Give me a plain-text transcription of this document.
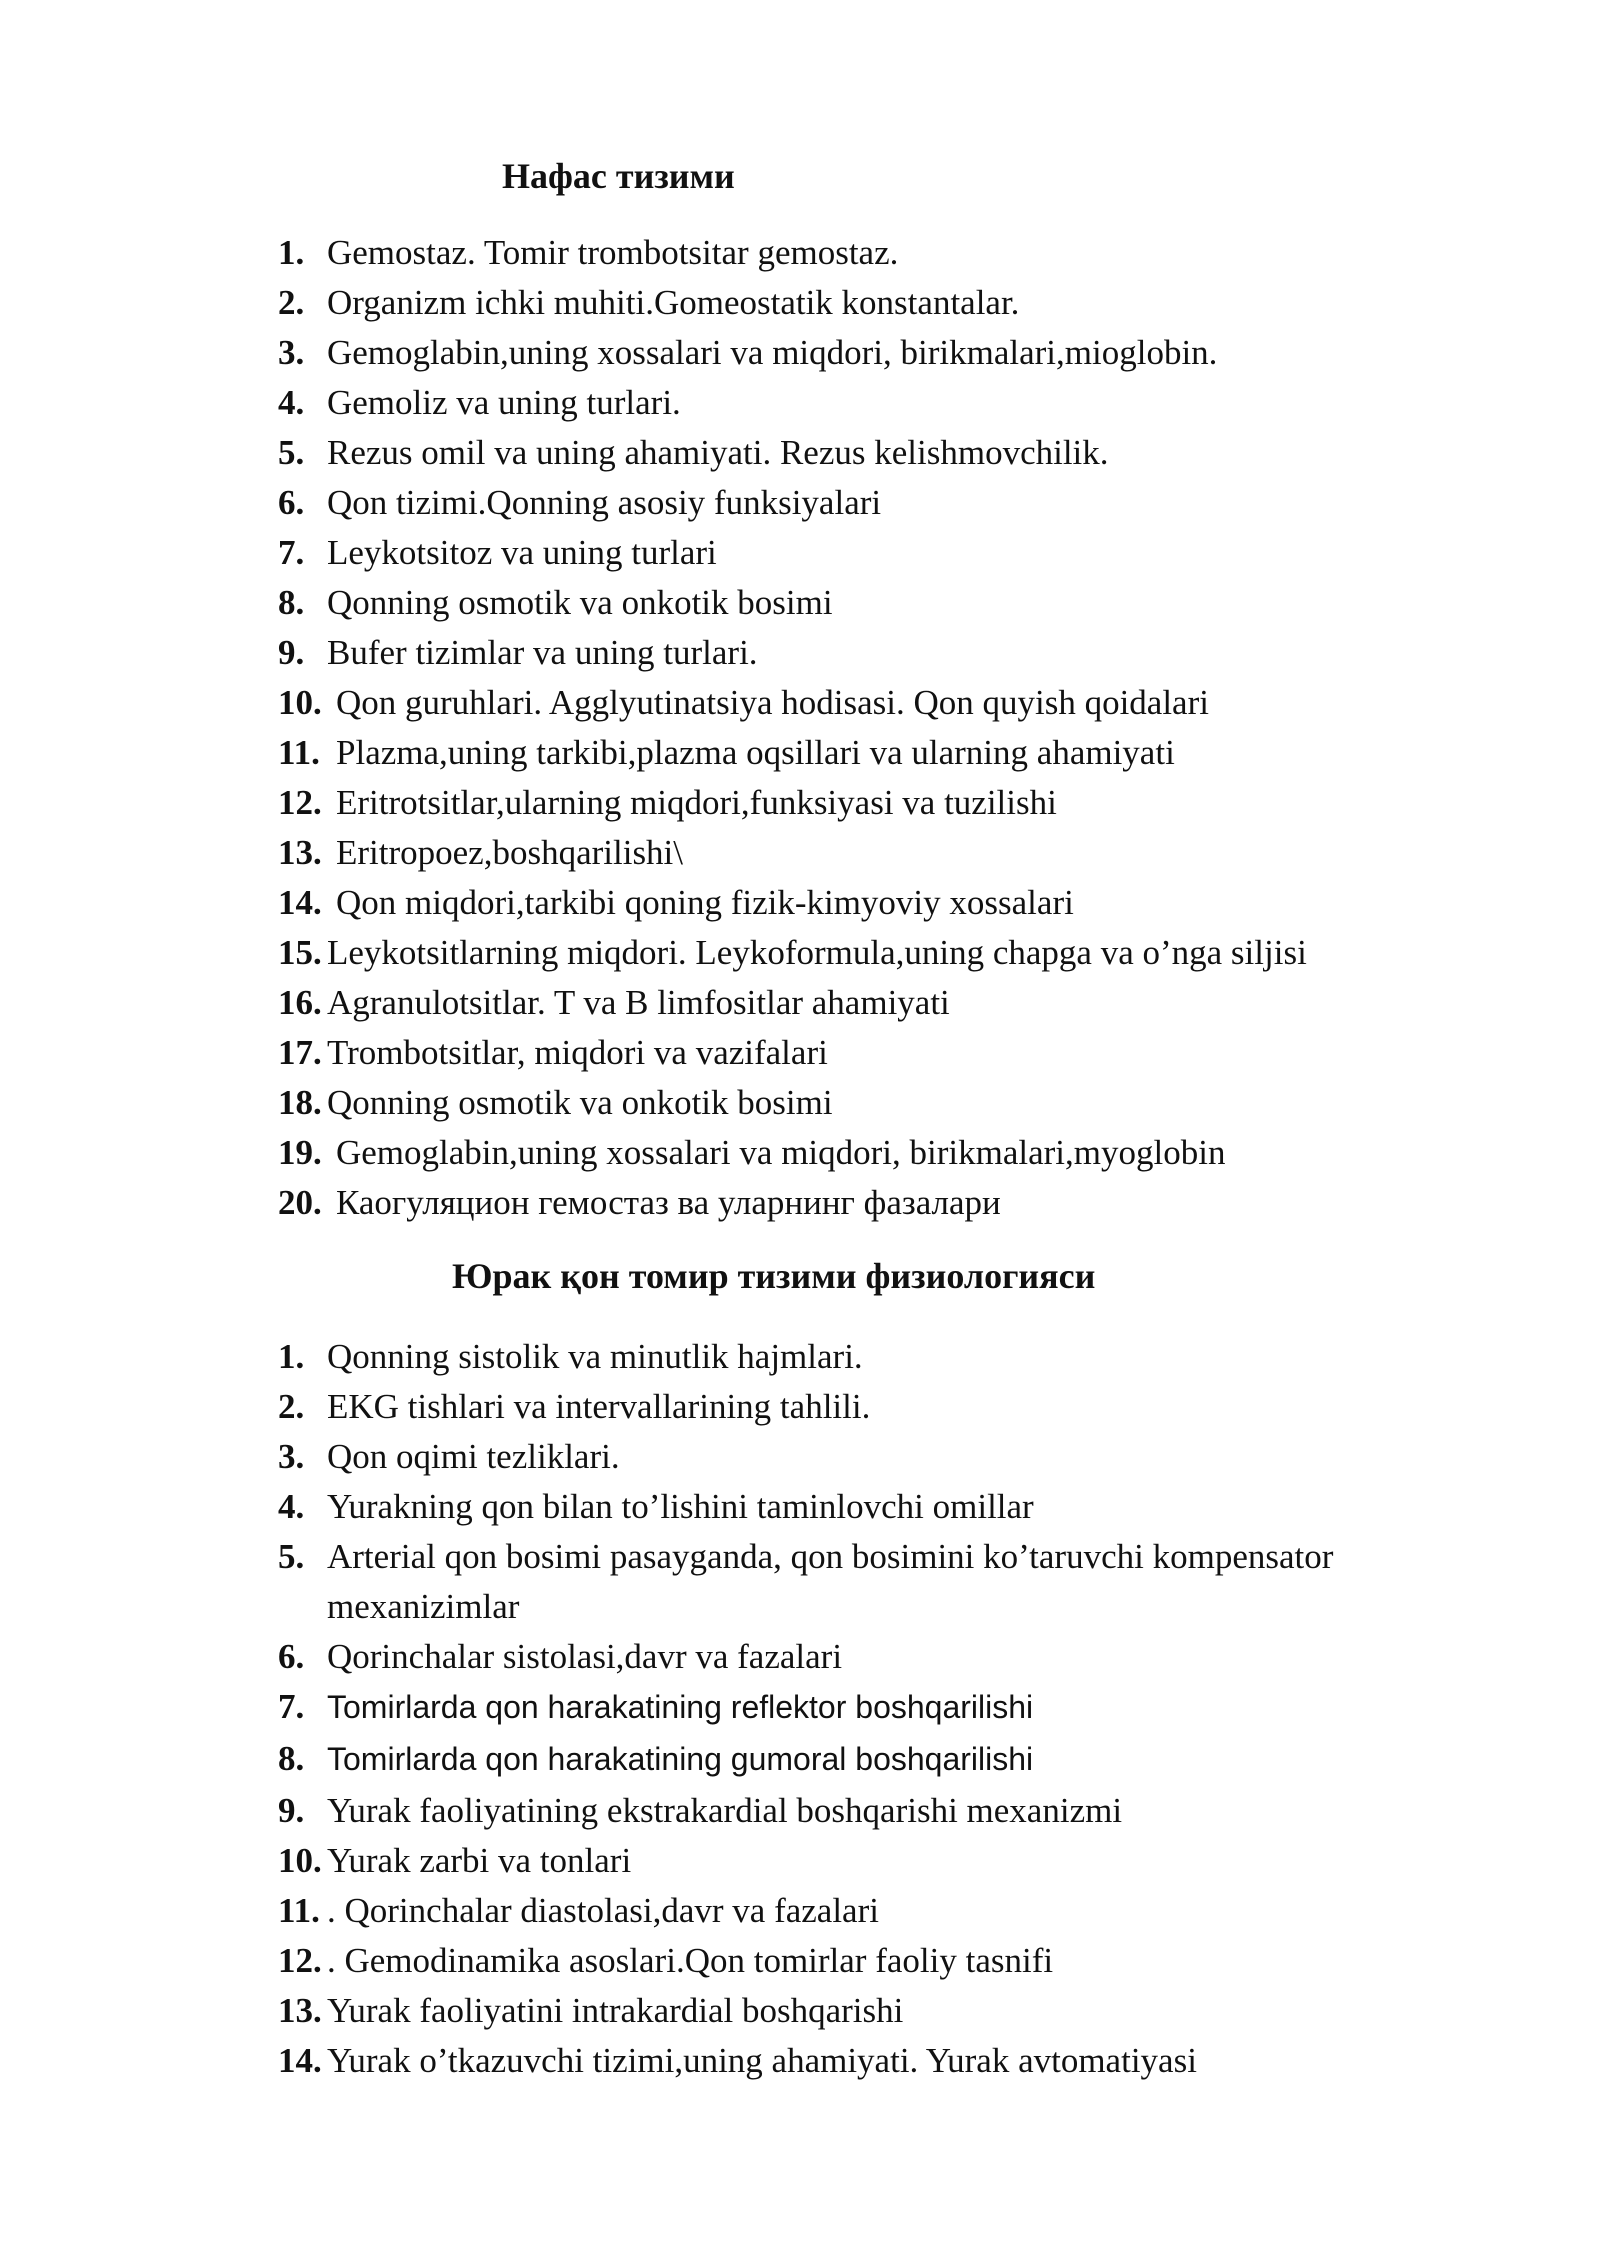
Нафас тизими
1. Gemostaz. Tomir trombotsitar gemostaz.
2. Organizm ichki muhiti.Gomeostatik konstantalar.
3. Gemoglabin,uning xossalari va miqdori, birikmalari,mioglobin.
4. Gemoliz va uning turlari.
5. Rezus omil va uning ahamiyati. Rezus kelishmovchilik.
6. Qon tizimi.Qonning asosiy funksiyalari
7. Leykotsitoz va uning turlari
8. Qonning osmotik va onkotik bosimi
9. Bufer tizimlar va uning turlari.
10. Qon guruhlari. Agglyutinatsiya hodisasi. Qon quyish qoidalari
11. Plazma,uning tarkibi,plazma oqsillari va ularning ahamiyati
12. Eritrotsitlar,ularning miqdori,funksiyasi va tuzilishi
13. Eritropoez,boshqarilishi\
14. Qon miqdori,tarkibi qoning fizik-kimyoviy xossalari
15. Leykotsitlarning miqdori. Leykoformula,uning chapga va o’nga siljisi
16. Agranulotsitlar. T va B limfositlar ahamiyati
17. Trombotsitlar, miqdori va vazifalari
18. Qonning osmotik va onkotik bosimi
19. Gemoglabin,uning xossalari va miqdori, birikmalari,myoglobin
20. Каогуляцион гемостаз ва уларнинг фазалари
Юрак қон томир тизими физиологияси
1. Qonning sistolik va minutlik hajmlari.
2. EKG tishlari va intervallarining tahlili.
3. Qon oqimi tezliklari.
4. Yurakning qon bilan to’lishini taminlovchi omillar
5. Arterial qon bosimi pasayganda, qon bosimini ko’taruvchi kompensator mexanizimlar
6. Qorinchalar sistolasi,davr va fazalari
7. Tomirlarda qon harakatining reflektor boshqarilishi
8. Tomirlarda qon harakatining gumoral boshqarilishi
9. Yurak faoliyatining ekstrakardial boshqarishi mexanizmi
10. Yurak zarbi va tonlari
11. . Qorinchalar diastolasi,davr va fazalari
12. . Gemodinamika asoslari.Qon tomirlar faoliy tasnifi
13. Yurak faoliyatini intrakardial boshqarishi
14. Yurak o’tkazuvchi tizimi,uning ahamiyati. Yurak avtomatiyasi
